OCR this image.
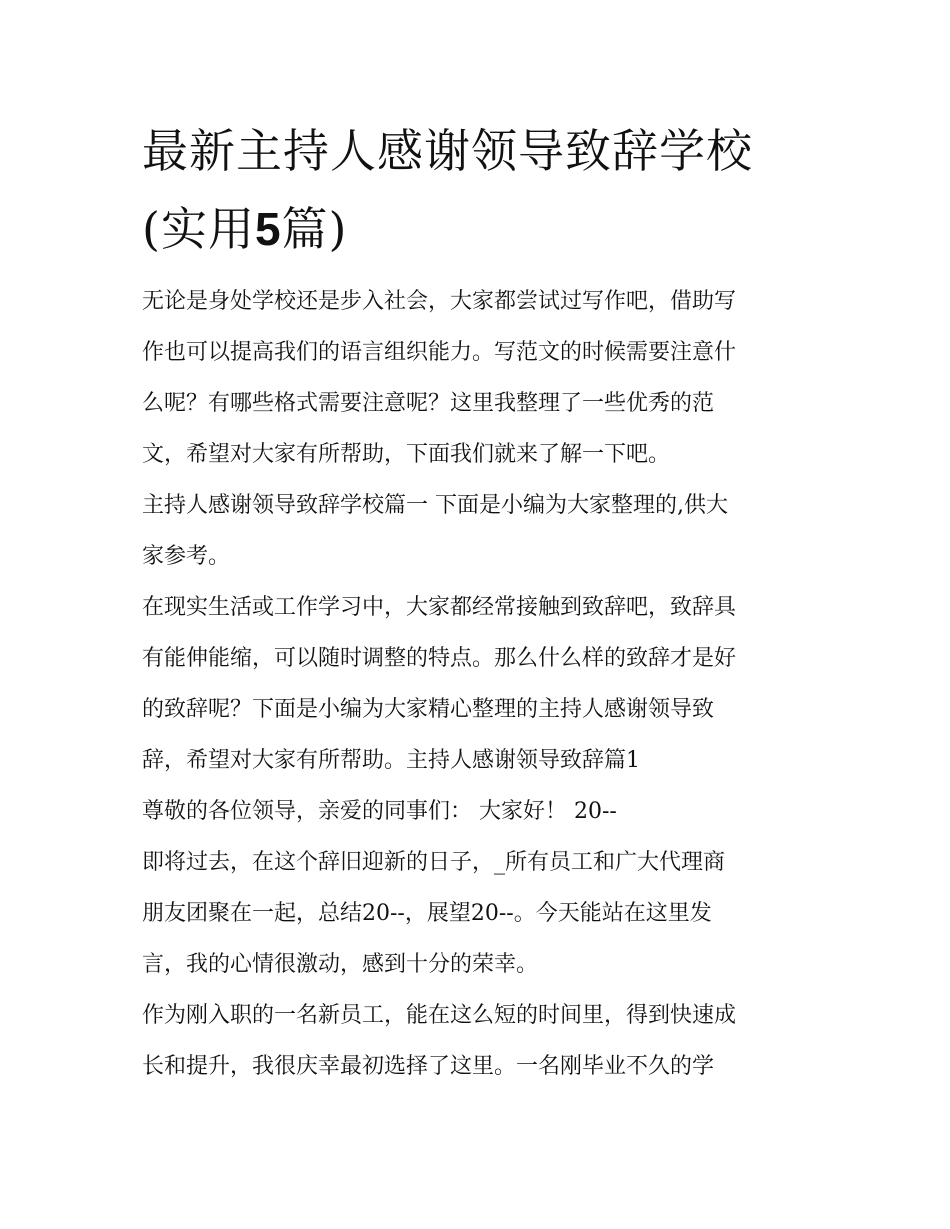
最新主持人感谢领导致辞学校
(实用5篇)

无论是身处学校还是步入社会，大家都尝试过写作吧，借助写
作也可以提高我们的语言组织能力。写范文的时候需要注意什
么呢？有哪些格式需要注意呢？这里我整理了一些优秀的范
文，希望对大家有所帮助，下面我们就来了解一下吧。

主持人感谢领导致辞学校篇一 下面是小编为大家整理的,供大
家参考。

在现实生活或工作学习中，大家都经常接触到致辞吧，致辞具
有能伸能缩，可以随时调整的特点。那么什么样的致辞才是好
的致辞呢？下面是小编为大家精心整理的主持人感谢领导致
辞，希望对大家有所帮助。主持人感谢领导致辞篇1

尊敬的各位领导，亲爱的同事们： 大家好！ 20--

即将过去，在这个辞旧迎新的日子，_所有员工和广大代理商
朋友团聚在一起，总结20--，展望20--。今天能站在这里发
言，我的心情很激动，感到十分的荣幸。

作为刚入职的一名新员工，能在这么短的时间里，得到快速成
长和提升，我很庆幸最初选择了这里。一名刚毕业不久的学
